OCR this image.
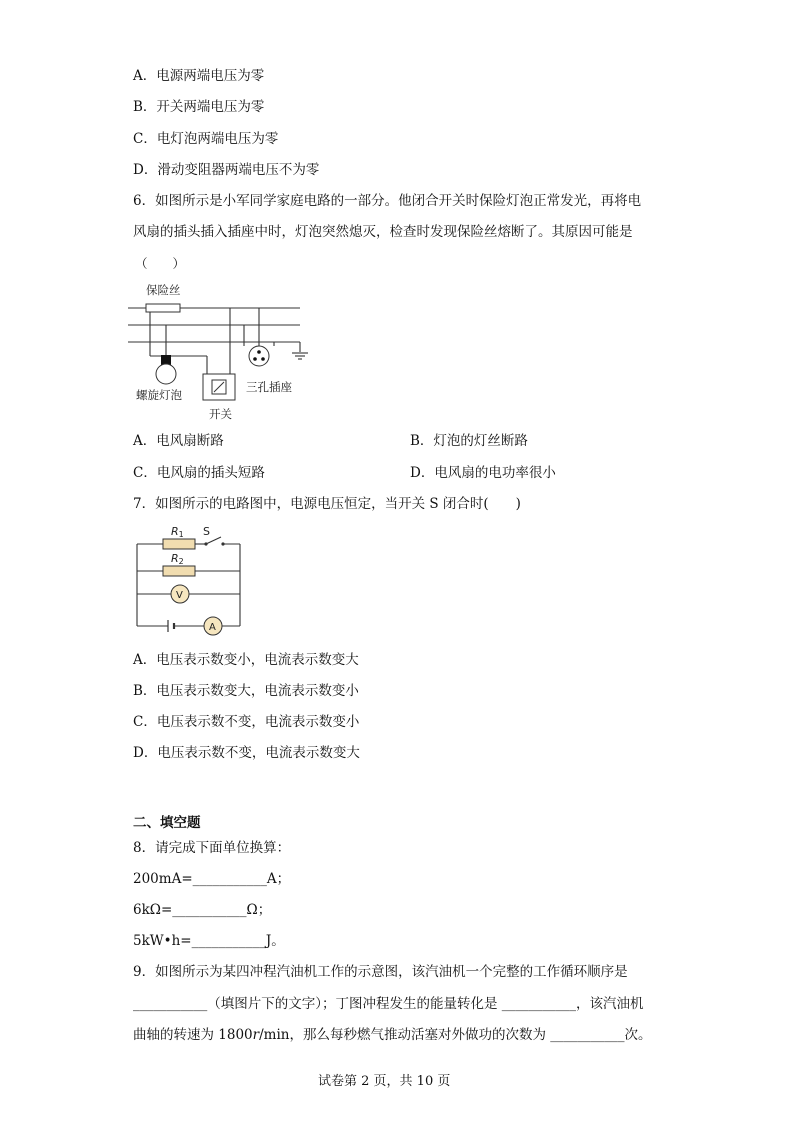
A．电源两端电压为零
B．开关两端电压为零
C．电灯泡两端电压为零
D．滑动变阻器两端电压不为零
6．如图所示是小军同学家庭电路的一部分。他闭合开关时保险灯泡正常发光，再将电
风扇的插头插入插座中时，灯泡突然熄灭，检查时发现保险丝熔断了。其原因可能是
（　　）
保险丝
螺旋灯泡
开关
三孔插座
A．电风扇断路	B．灯泡的灯丝断路
C．电风扇的插头短路	D．电风扇的电功率很小
7．如图所示的电路图中，电源电压恒定，当开关 S 闭合时(　　)
R1 S
R2
V
A
A．电压表示数变小，电流表示数变大
B．电压表示数变大，电流表示数变小
C．电压表示数不变，电流表示数变小
D．电压表示数不变，电流表示数变大
二、填空题
8．请完成下面单位换算：
200mA=___________A；
6kΩ=___________Ω；
5kW•h=___________J。
9．如图所示为某四冲程汽油机工作的示意图，该汽油机一个完整的工作循环顺序是
___________（填图片下的文字）；丁图冲程发生的能量转化是 ___________，该汽油机
曲轴的转速为 1800r/min，那么每秒燃气推动活塞对外做功的次数为 ___________次。
试卷第 2 页，共 10 页
